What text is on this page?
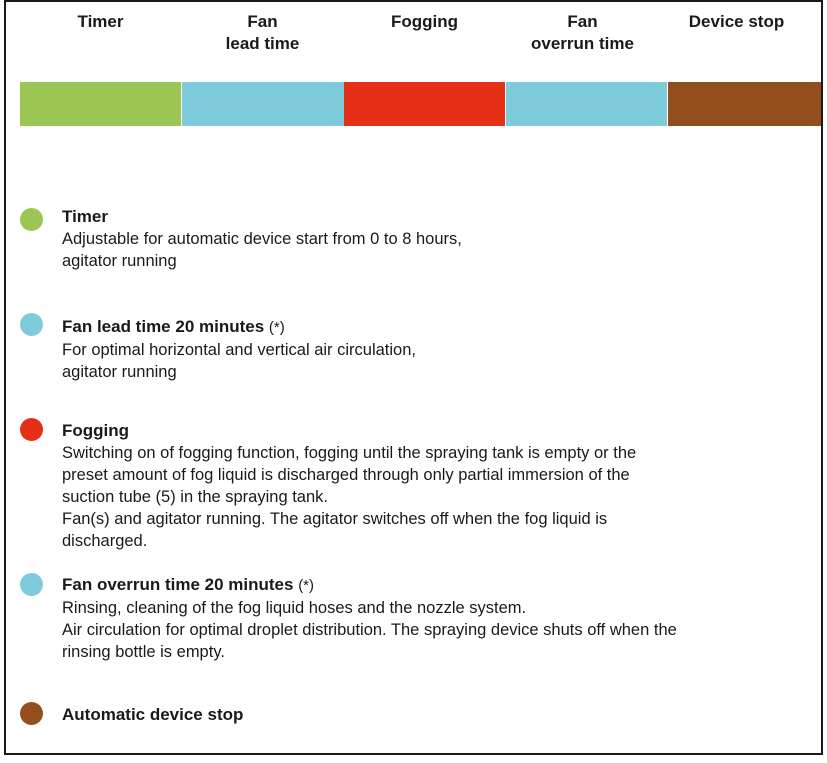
Timer	Fan
lead time
Fogging	Fan
overrun time
Device stop
Timer
Adjustable for automatic device start from 0 to 8 hours,
agitator running
Fan lead time 20 minutes (*)
For optimal horizontal and vertical air circulation,
agitator running
Fogging
Switching on of fogging function, fogging until the spraying tank is empty or the
preset amount of fog liquid is discharged through only partial immersion of the
suction tube (5) in the spraying tank.
Fan(s) and agitator running. The agitator switches off when the fog liquid is
discharged.
Fan overrun time 20 minutes (*)
Rinsing, cleaning of the fog liquid hoses and the nozzle system.
Air circulation for optimal droplet distribution. The spraying device shuts off when the
rinsing bottle is empty.
Automatic device stop
